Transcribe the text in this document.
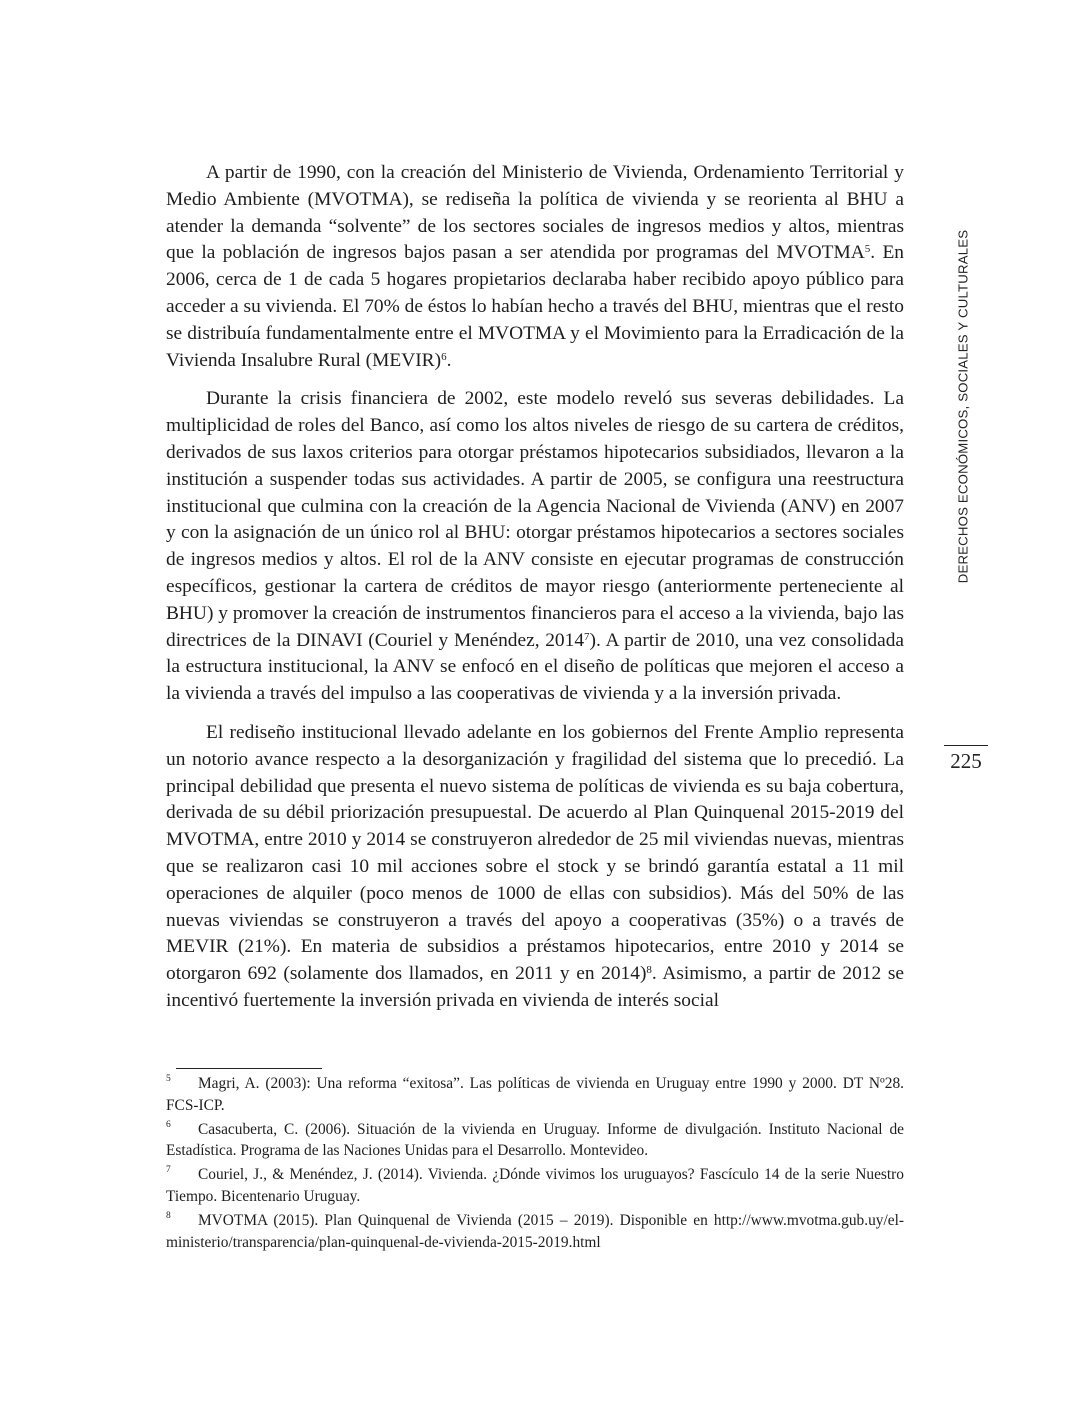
A partir de 1990, con la creación del Ministerio de Vivienda, Ordenamiento Territorial y Medio Ambiente (MVOTMA), se rediseña la política de vivienda y se reorienta al BHU a atender la demanda “solvente” de los sectores sociales de ingresos medios y altos, mientras que la población de ingresos bajos pasan a ser atendida por programas del MVOTMA$^5$. En 2006, cerca de 1 de cada 5 hogares propietarios declaraba haber recibido apoyo público para acceder a su vivienda. El 70% de éstos lo habían hecho a través del BHU, mientras que el resto se distribuía fundamentalmente entre el MVOTMA y el Movimiento para la Erradicación de la Vivienda Insalubre Rural (MEVIR)$^6$.

Durante la crisis financiera de 2002, este modelo reveló sus severas debilidades. La multiplicidad de roles del Banco, así como los altos niveles de riesgo de su cartera de créditos, derivados de sus laxos criterios para otorgar préstamos hipotecarios subsidiados, llevaron a la institución a suspender todas sus actividades. A partir de 2005, se configura una reestructura institucional que culmina con la creación de la Agencia Nacional de Vivienda (ANV) en 2007 y con la asignación de un único rol al BHU: otorgar préstamos hipotecarios a sectores sociales de ingresos medios y altos. El rol de la ANV consiste en ejecutar programas de construcción específicos, gestionar la cartera de créditos de mayor riesgo (anteriormente perteneciente al BHU) y promover la creación de instrumentos financieros para el acceso a la vivienda, bajo las directrices de la DINAVI (Couriel y Menéndez, 2014$^7$). A partir de 2010, una vez consolidada la estructura institucional, la ANV se enfocó en el diseño de políticas que mejoren el acceso a la vivienda a través del impulso a las cooperativas de vivienda y a la inversión privada.

El rediseño institucional llevado adelante en los gobiernos del Frente Amplio representa un notorio avance respecto a la desorganización y fragilidad del sistema que lo precedió. La principal debilidad que presenta el nuevo sistema de políticas de vivienda es su baja cobertura, derivada de su débil priorización presupuestal. De acuerdo al Plan Quinquenal 2015-2019 del MVOTMA, entre 2010 y 2014 se construyeron alrededor de 25 mil viviendas nuevas, mientras que se realizaron casi 10 mil acciones sobre el stock y se brindó garantía estatal a 11 mil operaciones de alquiler (poco menos de 1000 de ellas con subsidios). Más del 50% de las nuevas viviendas se construyeron a través del apoyo a cooperativas (35%) o a través de MEVIR (21%). En materia de subsidios a préstamos hipotecarios, entre 2010 y 2014 se otorgaron 692 (solamente dos llamados, en 2011 y en 2014)$^8$. Asimismo, a partir de 2012 se incentivó fuertemente la inversión privada en vivienda de interés social

5 Magri, A. (2003): Una reforma “exitosa”. Las políticas de vivienda en Uruguay entre 1990 y 2000. DT Nº28. FCS-ICP.

6 Casacuberta, C. (2006). Situación de la vivienda en Uruguay. Informe de divulgación. Instituto Nacional de Estadística. Programa de las Naciones Unidas para el Desarrollo. Montevideo.

7 Couriel, J., & Menéndez, J. (2014). Vivienda. ¿Dónde vivimos los uruguayos? Fascículo 14 de la serie Nuestro Tiempo. Bicentenario Uruguay.

8 MVOTMA (2015). Plan Quinquenal de Vivienda (2015 – 2019). Disponible en http://www.mvotma.gub.uy/el-ministerio/transparencia/plan-quinquenal-de-vivienda-2015-2019.html

DERECHOS ECONÓMICOS, SOCIALES Y CULTURALES
225
